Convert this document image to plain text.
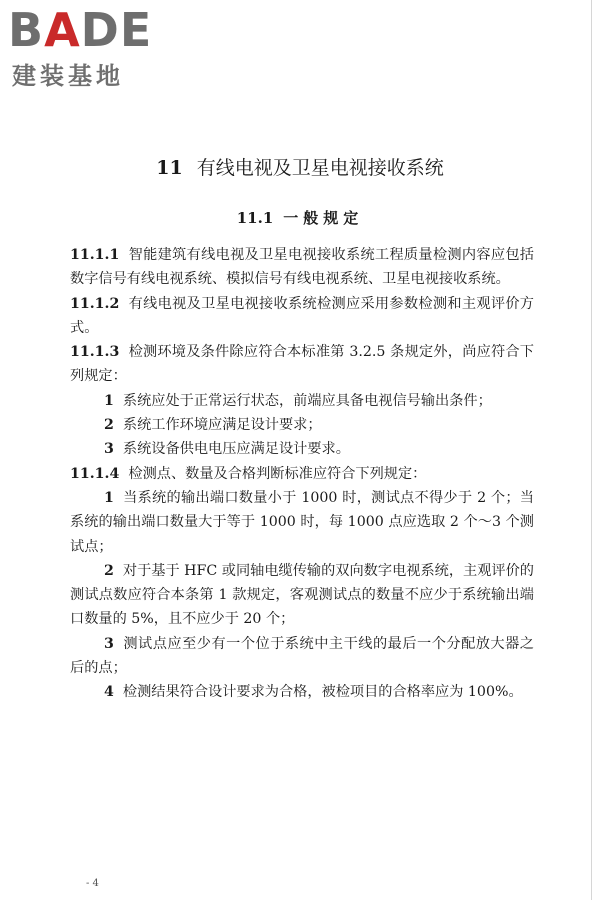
BADE
建装基地
11 有线电视及卫星电视接收系统
11.1 一般规定

11.1.1 智能建筑有线电视及卫星电视接收系统工程质量检测内容应包括数字信号有线电视系统、模拟信号有线电视系统、卫星电视接收系统。

11.1.2 有线电视及卫星电视接收系统检测应采用参数检测和主观评价方式。

11.1.3 检测环境及条件除应符合本标准第 3.2.5 条规定外，尚应符合下列规定：

1 系统应处于正常运行状态，前端应具备电视信号输出条件；

2 系统工作环境应满足设计要求；

3 系统设备供电电压应满足设计要求。

11.1.4 检测点、数量及合格判断标准应符合下列规定：

1 当系统的输出端口数量小于 1000 时，测试点不得少于 2 个；当系统的输出端口数量大于等于 1000 时，每 1000 点应选取 2 个～3 个测试点；

2 对于基于 HFC 或同轴电缆传输的双向数字电视系统，主观评价的测试点数应符合本条第 1 款规定，客观测试点的数量不应少于系统输出端口数量的 5%，且不应少于 20 个；

3 测试点应至少有一个位于系统中主干线的最后一个分配放大器之后的点；

4 检测结果符合设计要求为合格，被检项目的合格率应为 100%。

- 4
